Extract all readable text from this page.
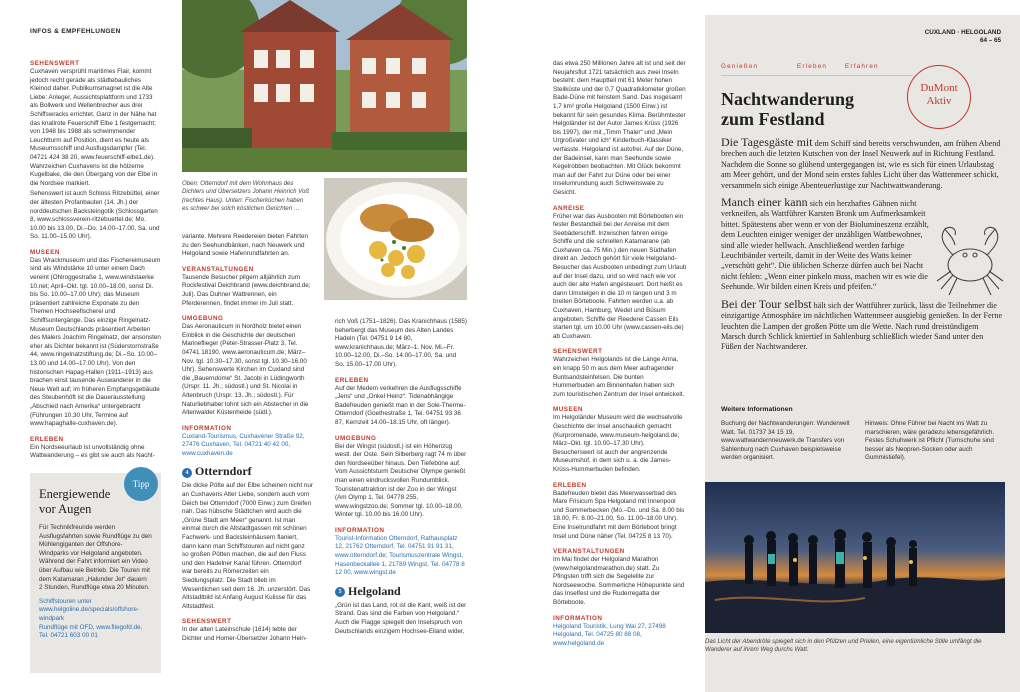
INFOS & EMPFEHLUNGEN
SEHENSWERT

Cuxhaven versprüht maritimes Flair, kommt jedoch recht gerade als städtebauliches Kleinod daher. Publikumsmagnet ist die Alte Liebe: Anleger, Aussichtsplattform und 1733 als Bollwerk und Wellenbrecher aus drei Schiffswracks errichtet. Ganz in der Nähe hat das knallrote Feuerschiff Elbe 1 festgemacht; von 1948 bis 1988 als schwimmender Leuchtturm auf Position, dient es heute als Museumsschiff und Ausflugsdampfer (Tel. 04721 424 38 20, www.feuerschiff-elbe1.de). Wahrzeichen Cuxhavens ist die hölzerne Kugelbake, die den Übergang von der Elbe in die Nordsee markiert.

Sehenswert ist auch Schloss Ritzebüttel, einer der ältesten Profanbauten (14. Jh.) der norddeutschen Backsteingotik (Schlossgarten 8, www.schlossverein-ritzebuettel.de; Mo. 10.00 bis 13.00, Di.–Do. 14.00–17.00, Sa. und So. 11.00–15.00 Uhr).

MUSEEN

Das Wrackmuseum und das Fischereimuseum sind als Windstärke 10 unter einem Dach vereint (Ohlroggestraße 1, www.windstaerke 10.net; April–Okt. tgl. 10.00–18.00, sonst Di. bis So. 10.00–17.00 Uhr); das Museum präsentiert zahlreiche Exponate zu den Themen Hochseefischerei und Schiffsuntergänge. Das einzige Ringelnatz-Museum Deutschlands präsentiert Arbeiten des Malers Joachim Ringelnatz, der ansonsten eher als Dichter bekannt ist (Süderstornstraße 44, www.ringelnatzstiftung.de; Di.–So. 10.00–13.00 und 14.00–17.00 Uhr). Von den historischen Hapag-Hallen (1911–1913) aus brachen einst tausende Auswanderer in die Neue Welt auf; im früheren Empfangsgebäude des Steubenhöft ist die Dauerausstellung „Abschied nach Amerika“ untergebracht (Führungen 10.30 Uhr, Termine auf www.hapaghalle-cuxhaven.de).

ERLEBEN

Ein Nordseeurlaub ist unvollständig ohne Wattwanderung – es gibt sie auch als Nacht-

Tipp
Energiewende
vor Augen

Für Technikfreunde werden Ausflugsfahrten sowie Rundflüge zu den Mühlengiganten der Offshore-Windparks vor Helgoland angeboten. Während der Fahrt informiert ein Video über Aufbau wie Betrieb. Die Touren mit dem Katamaran „Halunder Jet“ dauern 2 Stunden, Rundflüge etwa 20 Minuten.

Schiffstouren unter www.helgoline.de/specials/offshore-windpark

Rundflüge mit OFD, www.fliegofd.de, Tel. 04721 603 00 01

Oben: Otterndorf mit dem Wohnhaus des Dichters und Übersetzers Johann Heinrich Voß (rechtes Haus). Unten: Fischerküchen haben es schwer bei solch köstlichen Gerichten …

variante. Mehrere Reedereien bieten Fahrten zu den Seehundbänken, nach Neuwerk und Helgoland sowie Hafenrundfahrten an.

VERANSTALTUNGEN

Tausende Besucher pilgern alljährlich zum Rockfestival Deichbrand (www.deichbrand.de; Juli). Das Duhner Wattrennen, ein Pferderennen, findet immer im Juli statt.

UMGEBUNG

Das Aeronauticum in Nordholz bietet einen Einblick in die Geschichte der deutschen Marineflieger (Peter-Strasser-Platz 3, Tel. 04741 18190, www.aeronauticum.de; März–Nov. tgl. 10.30–17.30, sonst tgl. 10.30–16.00 Uhr). Sehenswerte Kirchen im Cuxland sind die „Bauerndome“ St. Jacobi in Lüdingworth (Urspr. 11. Jh.; südostl.) und St. Nicolai in Altenbruch (Urspr. 13. Jh.; südostl.). Für Naturliebhaber lohnt sich ein Abstecher in die Altenwalder Küstenheide (südl.).

INFORMATION

Cuxland-Tourismus, Cuxhavener Straße 92, 27476 Cuxhaven, Tel. 04721 40 42 00, www.cuxhaven.de

4 Otterndorf

Die dicke Pötte auf der Elbe scheinen nicht nur an Cuxhavens Alter Liebe, sondern auch vom Deich bei Otterndorf (7000 Einw.) zum Greifen nah. Das hübsche Städtchen wird auch die „Grüne Stadt am Meer“ genannt. Ist man einmal durch die Altstadtgassen mit schönen Fachwerk- und Backsteinhäusern flaniert, dann kann man Schiffstouren auf nicht ganz so großen Pötten machen, die auf den Fluss und den Hadelner Kanal führen. Otterndorf war bereits zu Römerzeiten ein Siedlungsplatz. Die Stadt blieb im Wesentlichen seit dem 16. Jh. unzerstört. Das Altstadtbild ist Anfang August Kulisse für das Altstadtfest.

SEHENSWERT

In der alten Lateinschule (1614) lebte der Dichter und Homer-Übersetzer Johann Hein-

rich Voß (1751–1826). Das Kranichhaus (1585) beherbergt das Museum des Alten Landes Hadeln (Tel. 04751 9 14 80, www.kranichhaus.de; März–1. Nov. Mi.–Fr. 10.00–12.00, Di.–So. 14.00–17.00, Sa. und So. 15.00–17.00 Uhr).

ERLEBEN

Auf der Medem verkehren die Ausflugsschiffe „Jens“ und „Onkel Heinz“. Tidenabhängige Badefreuden genießt man in der Sole-Therme-Otterndorf (Goethestraße 1, Tel. 04751 93 36 87, Kernzeit 14.00–18.15 Uhr, oft länger).

UMGEBUNG

Bei der Wingst (südostl.) ist ein Höhenzug westl. der Oste. Sein Silberberg ragt 74 m über den Nordseeüber hinaus. Den Tiefeböne auf. Vom Aussichtsturm Deutscher Olympe genießt man einen eindrucksvollen Rundumblick. Touristenattraktion ist der Zoo in der Wingst (Am Olymp 1, Tel. 04778 255, www.wingstzoo.de; Sommer tgl. 10.00–18.00, Winter tgl. 10.00 bis 16.00 Uhr).

INFORMATION

Tourist-Information Otterndorf, Rathausplatz 12, 21762 Otterndorf, Tel. 04751 91 91 31, www.otterndorf.de; Tourismuszentrale Wingst, Hasenbeckallee 1, 21789 Wingst, Tel. 04778 8 12 00, www.wingst.de

5 Helgoland

„Grün ist das Land, rot ist die Kant, weiß ist der Strand. Das sind die Farben von Helgoland.“ Auch die Flagge spiegelt den Inselspruch von Deutschlands einzigem Hochsee-Eiland wider,

das etwa 250 Millionen Jahre alt ist und seit der Neujahrsflut 1721 tatsächlich aus zwei Inseln besteht: dem Hauptteil mit 61 Meter hohen Steilküste und der 0,7 Quadratkilometer großen Bade-Düne mit feinstem Sand. Das insgesamt 1,7 km² große Helgoland (1500 Einw.) ist bekannt für sein gesundes Klima. Berühmtester Helgoländer ist der Autor James Krüss (1926 bis 1997), der mit „Timm Thaler“ und „Mein Urgroßvater und ich“ Kinderbuch-Klassiker verfasste. Helgoland ist autofrei. Auf der Düne, der Badeinsel, kann man Seehunde sowie Kegelrobben beobachten. Mit Glück bekommt man auf der Fahrt zur Düne oder bei einer Inselumrundung auch Schweinswale zu Gesicht.

ANREISE

Früher war das Ausbooten mit Börtebooten ein fester Bestandteil bei der Anreise mit dem Seebäderschiff. Inzwischen fahren einige Schiffe und die schnellen Katamarane (ab Cuxhaven ca. 75 Min.) den neuen Südhafen direkt an. Jedoch gehört für viele Helgoland-Besucher das Ausbooten unbedingt zum Urlaub auf der Insel dazu, und so wird nach wie vor auch der alte Hafen angesteuert. Dort heißt es dann Umsteigen in die 10 m langen und 3 m breiten Börteboote. Fahrten werden u.a. ab Cuxhaven, Hamburg, Wedel und Büsum angeboten. Schiffe der Reederei Cassen Eils starten tgl. um 10.00 Uhr (www.cassen-eils.de) ab Cuxhaven.

SEHENSWERT

Wahrzeichen Helgolands ist die Lange Anna, ein knapp 50 m aus dem Meer aufragender Buntsandsteinfelsen. Die bunten Hummerbuden am Binnenhafen haben sich zum touristischen Zentrum der Insel entwickelt.

MUSEEN

Im Helgoländer Museum wird die wechselvolle Geschichte der Insel anschaulich gemacht (Kurpromenade, www.museum-helgoland.de; März–Okt. tgl. 10.00–17.30 Uhr). Besucherswert ist auch der angrenzende Museumshof, in dem sich u. a. die James-Krüss-Hummerbuden befinden.

ERLEBEN

Badefreuden bietet das Meerwasserbad des Mare Frisicum Spa Helgoland mit Innenpool und Sommerbecken (Mo.–Do. und Sa. 8.00 bis 18.00, Fr. 8.00–21.00, So. 11.00–18.00 Uhr). Eine Inselrundfahrt mit dem Börteboot bringt Insel und Düne näher (Tel. 04725 8 13 70).

VERANSTALTUNGEN

Im Mai findet der Helgoland Marathon (www.helgolandmarathon.de) statt. Zu Pfingsten trifft sich die Segelelite zur Nordseewoche. Sommerliche Höhepunkte sind das Inselfest und die Ruderregatta der Börteboote.

INFORMATION

Helgoland Touristik, Lung Wai 27, 27498 Helgoland, Tel. 04725 80 88 08, www.helgoland.de

CUXLAND · HELGOLAND
64 – 65
Genießen	Erleben	Erfahren
DuMont
Aktiv
Nachtwanderung
zum Festland
Die Tagesgäste mit dem Schiff sind bereits verschwunden, am frühen Abend brechen auch die letzten Kutschen von der Insel Neuwerk auf in Richtung Festland. Nachdem die Sonne so glühend untergegangen ist, wie es sich für einen Urlaubstag am Meer gehört, und der Mond sein erstes fahles Licht über das Wattenmeer schickt, versammeln sich einige Abenteuerlustige zur Nachtwattwanderung.
Manch einer kann sich ein herzhaftes Gähnen nicht verkneifen, als Wattführer Karsten Bronk um Aufmerksamkeit bittet. Spätestens aber wenn er von der Biolumineszenz erzählt, dem Leuchten einiger weniger der unzähligen Wattbewohner, sind alle wieder hellwach. Anschließend werden farbige Leuchtbänder verteilt, damit in der Weite des Watts keiner „verschütt geht“. Die üblichen Scherze dürfen auch bei Nacht nicht fehlen: „Wenn einer pinkeln muss, machen wir es wie die Seehunde. Wir bilden einen Kreis und pfeifen.“
Bei der Tour selbst hält sich der Wattführer zurück, lässt die Teilnehmer die einzigartige Atmosphäre im nächtlichen Wattenmeer ausgiebig genießen. In der Ferne leuchten die Lampen der großen Pötte um die Wette. Nach rund dreistündigem Marsch durch Schlick kniertief in Sahlenburg schließlich wieder Sand unter den Füßen der Nachtwanderer.
Weitere Informationen

Buchung der Nachtwanderungen: Wunderwelt Watt, Tel. 01737 34 15 19, www.wattwandernneuwerk.de Transfers von Sahlenburg nach Cuxhaven beispielsweise werden organisiert.

Hinweis: Ohne Führer bei Nacht ins Watt zu marschieren, wäre geradezu lebensgefährlich. Festes Schuhwerk ist Pflicht (Turnschuhe sind besser als Neopren-Socken oder auch Gummistiefel).

Das Licht der Abendröte spiegelt sich in den Pfützen und Prielen, eine eigentümliche Stille umfängt die Wanderer auf ihrem Weg durchs Watt.
